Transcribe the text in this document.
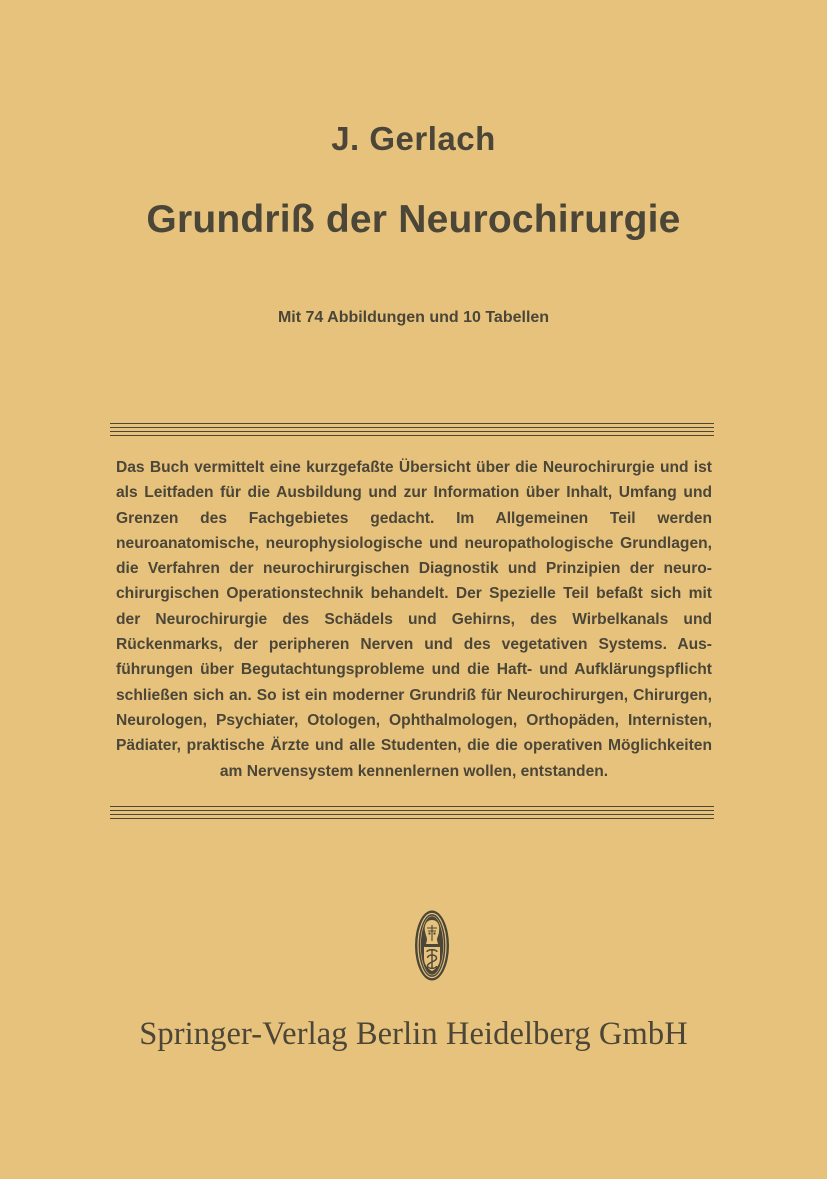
J. Gerlach
Grundriß der Neurochirurgie
Mit 74 Abbildungen und 10 Tabellen

Das Buch vermittelt eine kurzgefaßte Übersicht über die Neurochirurgie und ist als Leitfaden für die Ausbildung und zur Information über Inhalt, Umfang und Grenzen des Fachgebietes gedacht. Im Allgemeinen Teil werden neuroanatomische, neurophysiologische und neuropathologische Grundlagen, die Verfahren der neurochirurgischen Diagnostik und Prinzipien der neurochirurgischen Operationstechnik behandelt. Der Spezielle Teil befaßt sich mit der Neurochirurgie des Schädels und Gehirns, des Wirbelkanals und Rückenmarks, der peripheren Nerven und des vegetativen Systems. Ausführungen über Begutachtungsprobleme und die Haft- und Aufklärungspflicht schließen sich an. So ist ein moderner Grundriß für Neurochirurgen, Chirurgen, Neurologen, Psychiater, Otologen, Ophthalmologen, Orthopäden, Internisten, Pädiater, praktische Ärzte und alle Studenten, die die operativen Möglichkeiten am Nervensystem kennenlernen wollen, entstanden.

Springer-Verlag Berlin Heidelberg GmbH
